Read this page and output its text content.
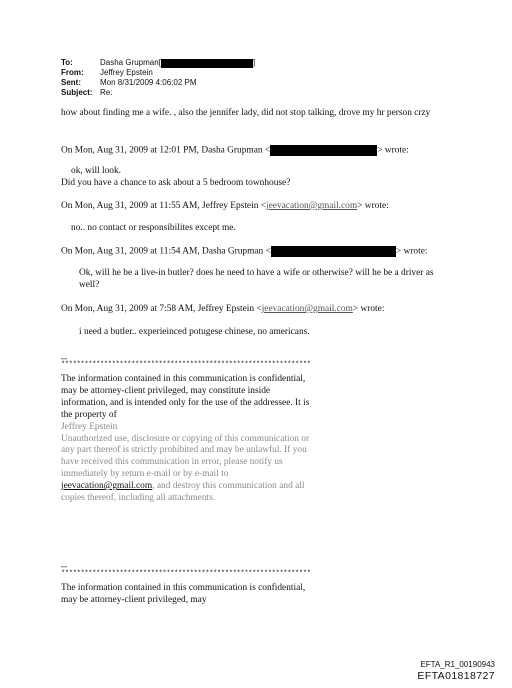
To:	Dasha Grupman[	]
From:	Jeffrey Epstein
Sent:	Mon 8/31/2009 4:06:02 PM
Subject: Re:
how about finding me a wife. , also the jennifer lady, did not stop talking, drove my hr person crzy
On Mon, Aug 31, 2009 at 12:01 PM, Dasha Grupman <	> wrote:
ok, will look.
Did you have a chance to ask about a 5 bedroom townhouse?
On Mon, Aug 31, 2009 at 11:55 AM, Jeffrey Epstein <jeevacation@gmail.com> wrote:
no.. no contact or responsibilites except me.
On Mon, Aug 31, 2009 at 11:54 AM, Dasha Grupman <	> wrote:
Ok, will he be a live-in butler? does he need to have a wife or otherwise? will he be a driver as well?
On Mon, Aug 31, 2009 at 7:58 AM, Jeffrey Epstein <jeevacation@gmail.com> wrote:
i need a butler.. experieinced potugese chinese, no americans.
--
****************************************************************
The information contained in this communication is confidential, may be attorney-client privileged, may constitute inside information, and is intended only for the use of the addressee. It is the property of
Jeffrey Epstein
Unauthorized use, disclosure or copying of this communication or any part thereof is strictly prohibited and may be unlawful. If you have received this communication in error, please notify us immediately by return e-mail or by e-mail to jeevacation@gmail.com, and destroy this communication and all copies thereof, including all attachments.
--
****************************************************************
The information contained in this communication is confidential, may be attorney-client privileged, may
EFTA_R1_00190943
EFTA01818727
